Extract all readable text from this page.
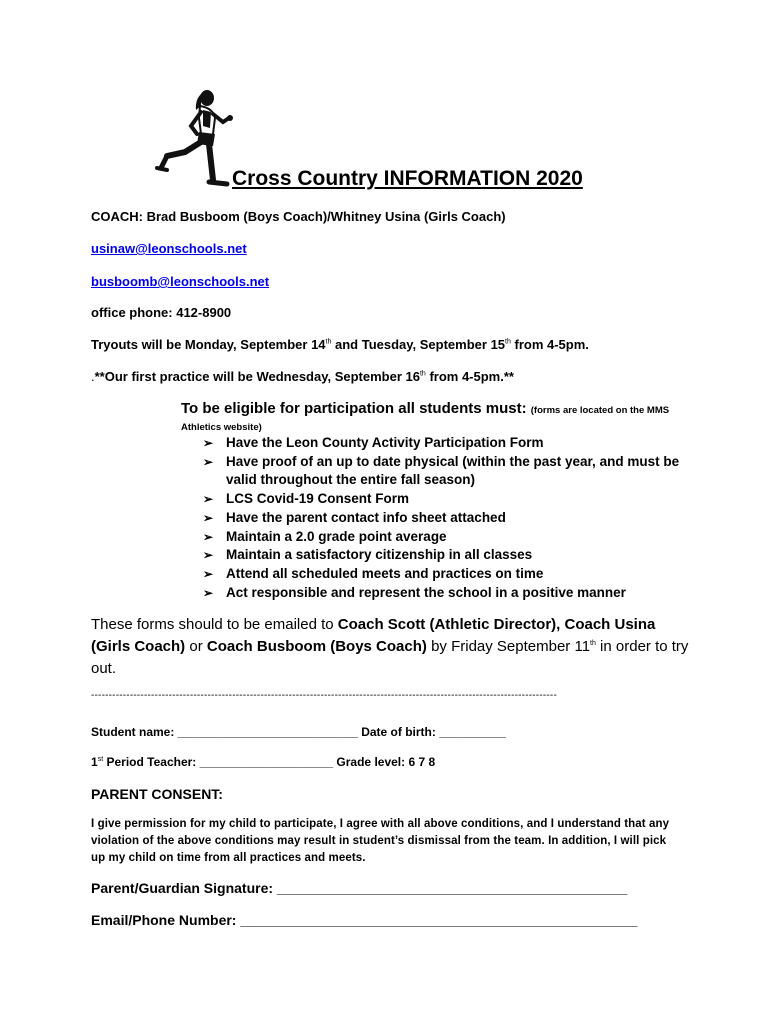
Cross Country INFORMATION 2020
COACH: Brad Busboom (Boys Coach)/Whitney Usina (Girls Coach)
usinaw@leonschools.net
busboomb@leonschools.net
office phone: 412-8900
Tryouts will be Monday, September 14th and Tuesday, September 15th from 4-5pm.
.**Our first practice will be Wednesday, September 16th from 4-5pm.**
To be eligible for participation all students must: (forms are located on the MMS Athletics website)
➢ Have the Leon County Activity Participation Form
➢ Have proof of an up to date physical (within the past year, and must be valid throughout the entire fall season)
➢ LCS Covid-19 Consent Form
➢ Have the parent contact info sheet attached
➢ Maintain a 2.0 grade point average
➢ Maintain a satisfactory citizenship in all classes
➢ Attend all scheduled meets and practices on time
➢ Act responsible and represent the school in a positive manner
These forms should to be emailed to Coach Scott (Athletic Director), Coach Usina (Girls Coach) or Coach Busboom (Boys Coach) by Friday September 11th in order to try out.
------------------------------------------------------------------------------------------------------------------------------------
Student name: ___________________________ Date of birth: __________
1st Period Teacher: ____________________ Grade level: 6 7 8
PARENT CONSENT:
I give permission for my child to participate, I agree with all above conditions, and I understand that any violation of the above conditions may result in student’s dismissal from the team. In addition, I will pick up my child on time from all practices and meets.
Parent/Guardian Signature: _____________________________________________
Email/Phone Number: ___________________________________________________
